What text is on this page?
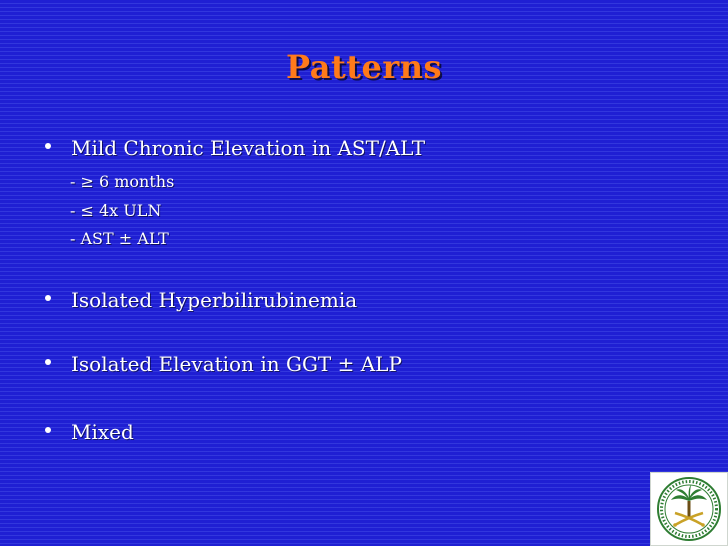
Patterns
Mild Chronic Elevation in AST/ALT
- ≥ 6 months
- ≤ 4x ULN
- AST ± ALT
Isolated Hyperbilirubinemia
Isolated Elevation in GGT ± ALP
Mixed
